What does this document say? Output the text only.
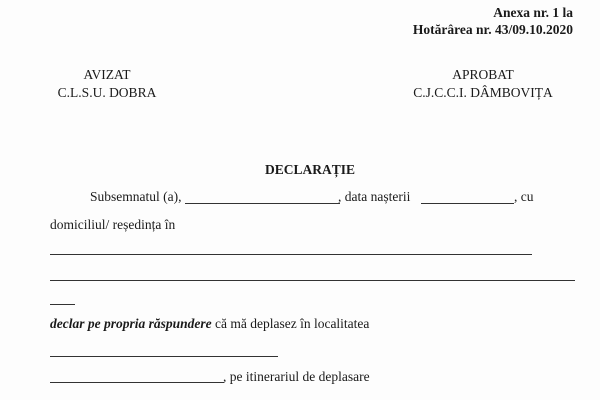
Anexa nr. 1 la
Hotărârea nr. 43/09.10.2020
AVIZAT
C.L.S.U. DOBRA
APROBAT
C.J.C.C.I. DÂMBOVIȚA
DECLARAȚIE
Subsemnatul (a),	, data nașterii	, cu
domiciliul/ reședința în
declar pe propria răspundere că mă deplasez în localitatea
, pe itinerariul de deplasare
